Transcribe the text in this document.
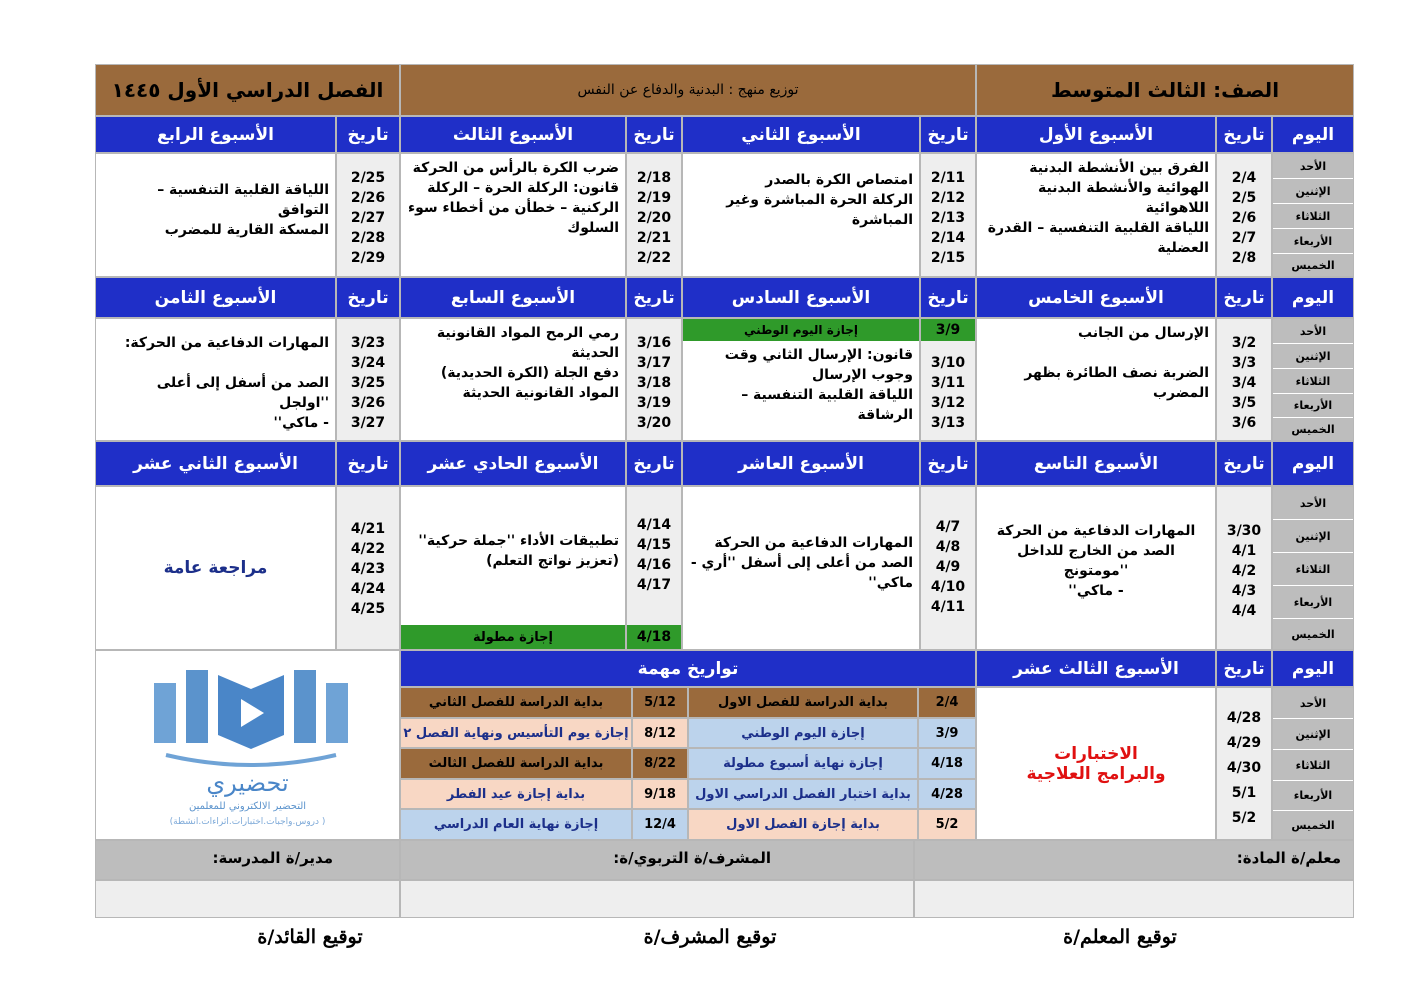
الصف: الثالث المتوسط
توزيع منهج : البدنية والدفاع عن النفس
الفصل الدراسي الأول ١٤٤٥
اليوم
تاريخ
الأسبوع الأول
تاريخ
الأسبوع الثاني
تاريخ
الأسبوع الثالث
تاريخ
الأسبوع الرابع
الأحد
الإثنين
الثلاثاء
الأربعاء
الخميس
2/4
2/5
2/6
2/7
2/8
الفرق بين الأنشطة البدنية
الهوائية والأنشطة البدنية
اللاهوائية
اللياقة القلبية التنفسية – القدرة
العضلية
2/11
2/12
2/13
2/14
2/15
امتصاص الكرة بالصدر
الركلة الحرة المباشرة وغير
المباشرة
2/18
2/19
2/20
2/21
2/22
ضرب الكرة بالرأس من الحركة
قانون: الركلة الحرة – الركلة
الركنية – خطأن من أخطاء سوء
السلوك
2/25
2/26
2/27
2/28
2/29
اللياقة القلبية التنفسية – التوافق
المسكة القارية للمضرب
اليوم
تاريخ
الأسبوع الخامس
تاريخ
الأسبوع السادس
تاريخ
الأسبوع السابع
تاريخ
الأسبوع الثامن
الأحد
الإثنين
الثلاثاء
الأربعاء
الخميس
3/2
3/3
3/4
3/5
3/6
الإرسال من الجانب
الضربة نصف الطائرة بظهر
المضرب
3/9
3/10
3/11
3/12
3/13
إجازة اليوم الوطني
قانون: الإرسال الثاني وقت
وجوب الإرسال
اللياقة القلبية التنفسية – الرشاقة
3/16
3/17
3/18
3/19
3/20
رمي الرمح المواد القانونية
الحديثة
دفع الجلة (الكرة الحديدية)
المواد القانونية الحديثة
3/23
3/24
3/25
3/26
3/27
المهارات الدفاعية من الحركة:
الصد من أسفل إلى أعلى ''اولجل
- ماكي''
اليوم
تاريخ
الأسبوع التاسع
تاريخ
الأسبوع العاشر
تاريخ
الأسبوع الحادي عشر
تاريخ
الأسبوع الثاني عشر
الأحد
الإثنين
الثلاثاء
الأربعاء
الخميس
3/30
4/1
4/2
4/3
4/4
المهارات الدفاعية من الحركة
الصد من الخارج للداخل
''مومتونج
- ماكي''
4/7
4/8
4/9
4/10
4/11
المهارات الدفاعية من الحركة
الصد من أعلى إلى أسفل ''أري -
ماكي''
4/14
4/15
4/16
4/17
4/18
تطبيقات الأداء ''جملة حركية''
(تعزيز نواتج التعلم)
إجازة مطولة
4/21
4/22
4/23
4/24
4/25
مراجعة عامة
اليوم
تاريخ
الأسبوع الثالث عشر
تواريخ مهمة
الأحد
الإثنين
الثلاثاء
الأربعاء
الخميس
4/28
4/29
4/30
5/1
5/2
الاختبارات
والبرامج العلاجية
2/4
بداية الدراسة للفصل الاول
5/12
بداية الدراسة للفصل الثاني
3/9
إجازة اليوم الوطني
8/12
إجازة يوم التأسيس ونهاية الفصل ٢
4/18
إجازة نهاية أسبوع مطولة
8/22
بداية الدراسة للفصل الثالث
4/28
بداية اختبار الفصل الدراسي الاول
9/18
بداية إجازة عيد الفطر
5/2
بداية إجازة الفصل الاول
12/4
إجازة نهاية العام الدراسي
تحضيري
التحضير الالكتروني للمعلمين
( دروس.واجبات.اختبارات.اثراءات.انشطة)
معلم/ة المادة:
المشرف/ة التربوي/ة:
مدير/ة المدرسة:
توقيع المعلم/ة
توقيع المشرف/ة
توقيع القائد/ة
